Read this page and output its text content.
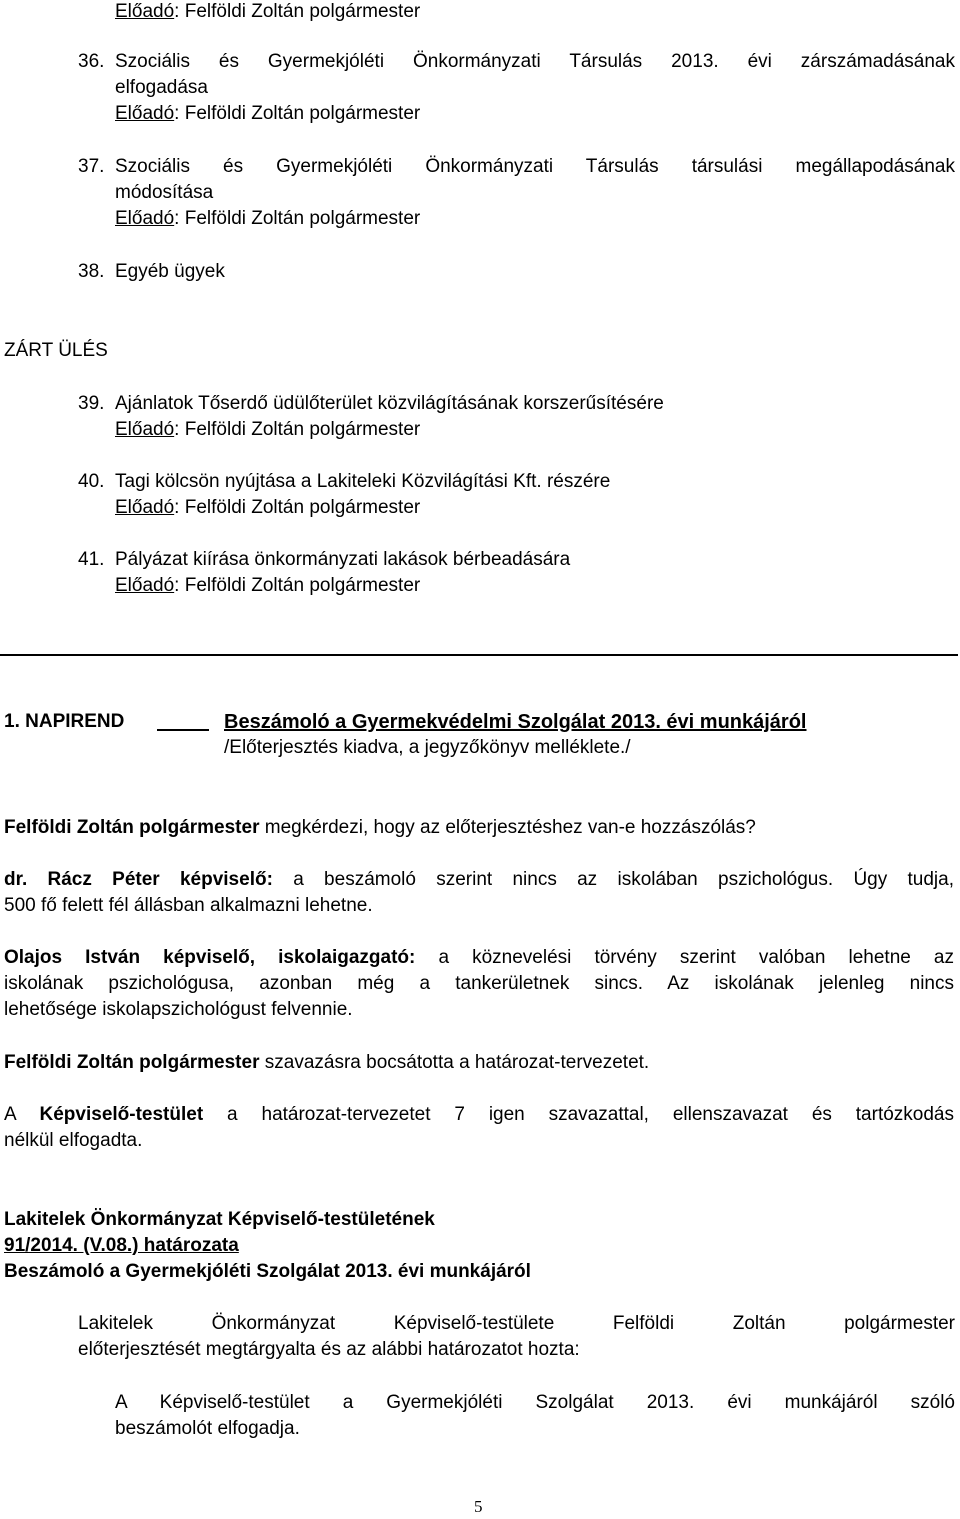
Előadó: Felföldi Zoltán polgármester
36. Szociális és Gyermekjóléti Önkormányzati Társulás 2013. évi zárszámadásának
elfogadása
Előadó: Felföldi Zoltán polgármester
37. Szociális és Gyermekjóléti Önkormányzati Társulás társulási megállapodásának
módosítása
Előadó: Felföldi Zoltán polgármester
38. Egyéb ügyek
ZÁRT ÜLÉS
39. Ajánlatok Tőserdő üdülőterület közvilágításának korszerűsítésére
Előadó: Felföldi Zoltán polgármester
40. Tagi kölcsön nyújtása a Lakiteleki Közvilágítási Kft. részére
Előadó: Felföldi Zoltán polgármester
41. Pályázat kiírása önkormányzati lakások bérbeadására
Előadó: Felföldi Zoltán polgármester
1. NAPIREND	Beszámoló a Gyermekvédelmi Szolgálat 2013. évi munkájáról
/Előterjesztés kiadva, a jegyzőkönyv melléklete./
Felföldi Zoltán polgármester megkérdezi, hogy az előterjesztéshez van-e hozzászólás?
dr. Rácz Péter képviselő: a beszámoló szerint nincs az iskolában pszichológus. Úgy tudja,
500 fő felett fél állásban alkalmazni lehetne.
Olajos István képviselő, iskolaigazgató: a köznevelési törvény szerint valóban lehetne az
iskolának pszichológusa, azonban még a tankerületnek sincs. Az iskolának jelenleg nincs
lehetősége iskolapszichológust felvennie.
Felföldi Zoltán polgármester szavazásra bocsátotta a határozat-tervezetet.
A Képviselő-testület a határozat-tervezetet 7 igen szavazattal, ellenszavazat és tartózkodás
nélkül elfogadta.
Lakitelek Önkormányzat Képviselő-testületének
91/2014. (V.08.) határozata
Beszámoló a Gyermekjóléti Szolgálat 2013. évi munkájáról
Lakitelek Önkormányzat Képviselő-testülete Felföldi Zoltán polgármester
előterjesztését megtárgyalta és az alábbi határozatot hozta:
A Képviselő-testület a Gyermekjóléti Szolgálat 2013. évi munkájáról szóló
beszámolót elfogadja.
5
